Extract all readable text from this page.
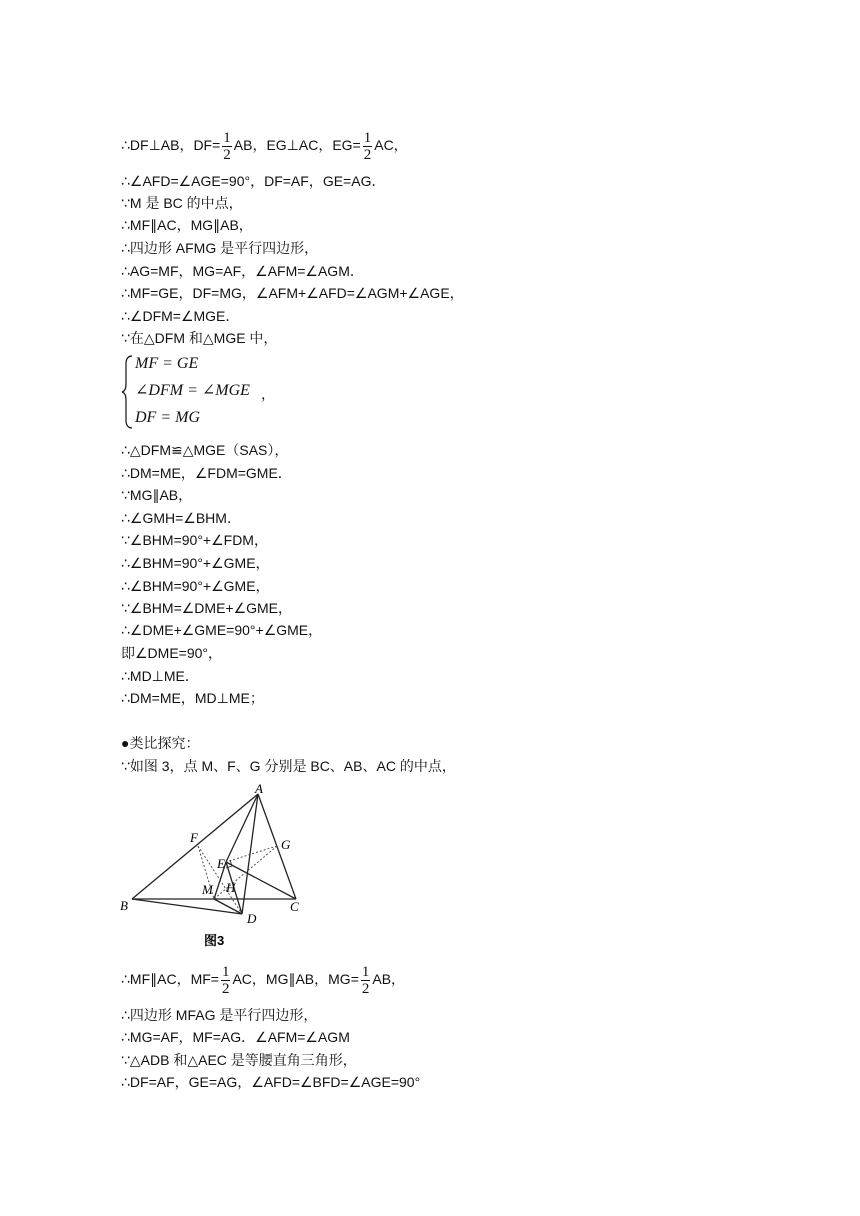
∴DF⊥AB，$DF= \frac{1}{2}$ AB，EG⊥AC，$EG= \frac{1}{2}$ AC，
∴∠AFD=∠AGE=90°，DF=AF，GE=AG．
∵M 是 BC 的中点，
∴MF∥AC，MG∥AB，
∴四边形 AFMG 是平行四边形，
∴AG=MF，MG=AF，∠AFM=∠AGM．
∴MF=GE，DF=MG，∠AFM+∠AFD=∠AGM+∠AGE，
∴∠DFM=∠MGE．
∵在△DFM 和△MGE 中，
MF = GE
∠DFM = ∠MGE
DF = MG
，
∴△DFM≌△MGE（SAS），
∴DM=ME，∠FDM=GME．
∵MG∥AB，
∴∠GMH=∠BHM．
∵∠BHM=90°+∠FDM，
∴∠BHM=90°+∠GME，
∴∠BHM=90°+∠GME，
∵∠BHM=∠DME+∠GME，
∴∠DME+∠GME=90°+∠GME，
即∠DME=90°，
∴MD⊥ME．
∴DM=ME，MD⊥ME；
●类比探究：
∵如图 3，点 M、F、G 分别是 BC、AB、AC 的中点，
A
B	C
D
E
F	G
H
M
图3
∴MF∥AC，$MF= \frac{1}{2}$ AC，MG∥AB，$MG= \frac{1}{2}$ AB，
∴四边形 MFAG 是平行四边形，
∴MG=AF，MF=AG．∠AFM=∠AGM
∵△ADB 和△AEC 是等腰直角三角形，
∴DF=AF，GE=AG，∠AFD=∠BFD=∠AGE=90°
